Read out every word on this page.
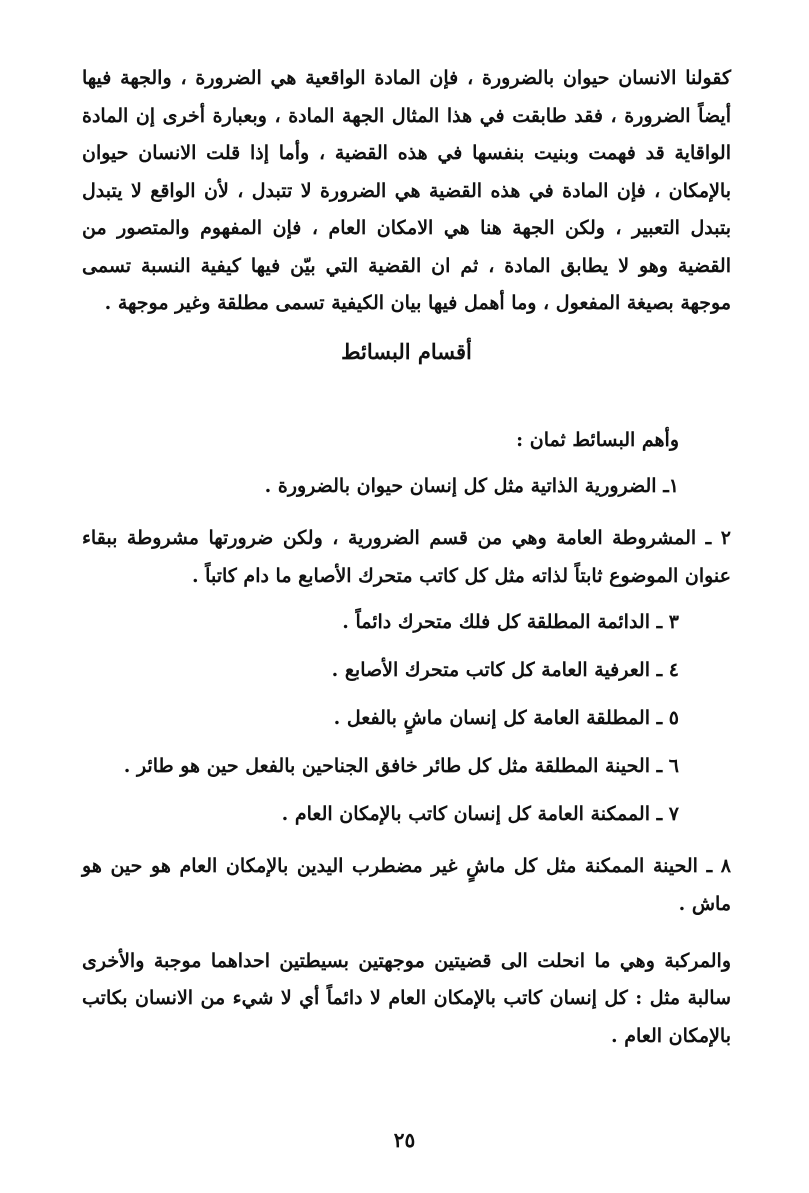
كقولنا الانسان حيوان بالضرورة ، فإن المادة الواقعية هي الضرورة ، والجهة فيها أيضاً الضرورة ، فقد طابقت في هذا المثال الجهة المادة ، وبعبارة أخرى إن المادة الواقاية قد فهمت وبنيت بنفسها في هذه القضية ، وأما إذا قلت الانسان حيوان بالإمكان ، فإن المادة في هذه القضية هي الضرورة لا تتبدل ، لأن الواقع لا يتبدل بتبدل التعبير ، ولكن الجهة هنا هي الامكان العام ، فإن المفهوم والمتصور من القضية وهو لا يطابق المادة ، ثم ان القضية التي بيّن فيها كيفية النسبة تسمى موجهة بصيغة المفعول ، وما أهمل فيها بيان الكيفية تسمى مطلقة وغير موجهة .

أقسام البسائط

وأهم البسائط ثمان :

١ـ الضرورية الذاتية مثل كل إنسان حيوان بالضرورة .
٢ ـ المشروطة العامة وهي من قسم الضرورية ، ولكن ضرورتها مشروطة ببقاء عنوان الموضوع ثابتاً لذاته مثل كل كاتب متحرك الأصابع ما دام كاتباً .
٣ ـ الدائمة المطلقة كل فلك متحرك دائماً .
٤ ـ العرفية العامة كل كاتب متحرك الأصابع .
٥ ـ المطلقة العامة كل إنسان ماشٍ بالفعل .
٦ ـ الحينة المطلقة مثل كل طائر خافق الجناحين بالفعل حين هو طائر .
٧ ـ الممكنة العامة كل إنسان كاتب بالإمكان العام .
٨ ـ الحينة الممكنة مثل كل ماشٍ غير مضطرب اليدين بالإمكان العام هو حين هو ماش .

والمركبة وهي ما انحلت الى قضيتين موجهتين بسيطتين احداهما موجبة والأخرى سالبة مثل : كل إنسان كاتب بالإمكان العام لا دائماً أي لا شيء من الانسان بكاتب بالإمكان العام .

٢٥
